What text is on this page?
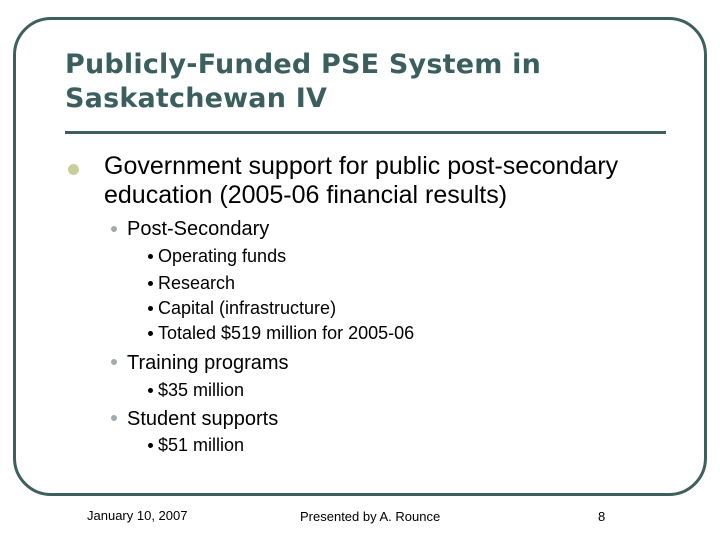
Publicly-Funded PSE System in
Saskatchewan IV
Government support for public post-secondary
education (2005-06 financial results)
Post-Secondary
Operating funds
Research
Capital (infrastructure)
Totaled $519 million for 2005-06
Training programs
$35 million
Student supports
$51 million
January 10, 2007	Presented by A. Rounce	8
